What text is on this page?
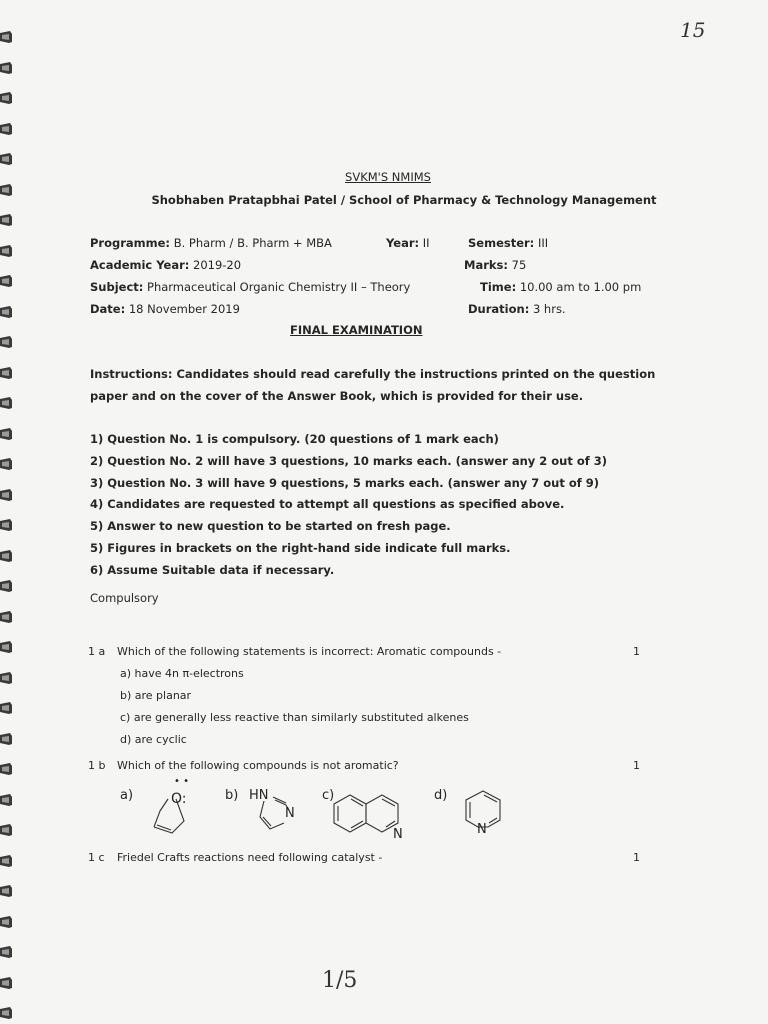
15
SVKM'S NMIMS
Shobhaben Pratapbhai Patel / School of Pharmacy & Technology Management
Programme: B. Pharm / B. Pharm + MBA	Year: II	Semester: III
Academic Year: 2019-20	Marks: 75
Subject: Pharmaceutical Organic Chemistry II – Theory	Time: 10.00 am to 1.00 pm
Date: 18 November 2019	Duration: 3 hrs.
FINAL EXAMINATION
Instructions: Candidates should read carefully the instructions printed on the question
paper and on the cover of the Answer Book, which is provided for their use.
1) Question No. 1 is compulsory. (20 questions of 1 mark each)
2) Question No. 2 will have 3 questions, 10 marks each. (answer any 2 out of 3)
3) Question No. 3 will have 9 questions, 5 marks each. (answer any 7 out of 9)
4) Candidates are requested to attempt all questions as specified above.
5) Answer to new question to be started on fresh page.
5) Figures in brackets on the right-hand side indicate full marks.
6) Assume Suitable data if necessary.
Compulsory
1 a Which of the following statements is incorrect: Aromatic compounds -	1
a) have 4n π-electrons
b) are planar
c) are generally less reactive than similarly substituted alkenes
d) are cyclic
1 b Which of the following compounds is not aromatic?	1
a)	b)	c)	d)
O:
• •
HN
N
N	N
1 c Friedel Crafts reactions need following catalyst -	1
1/5
